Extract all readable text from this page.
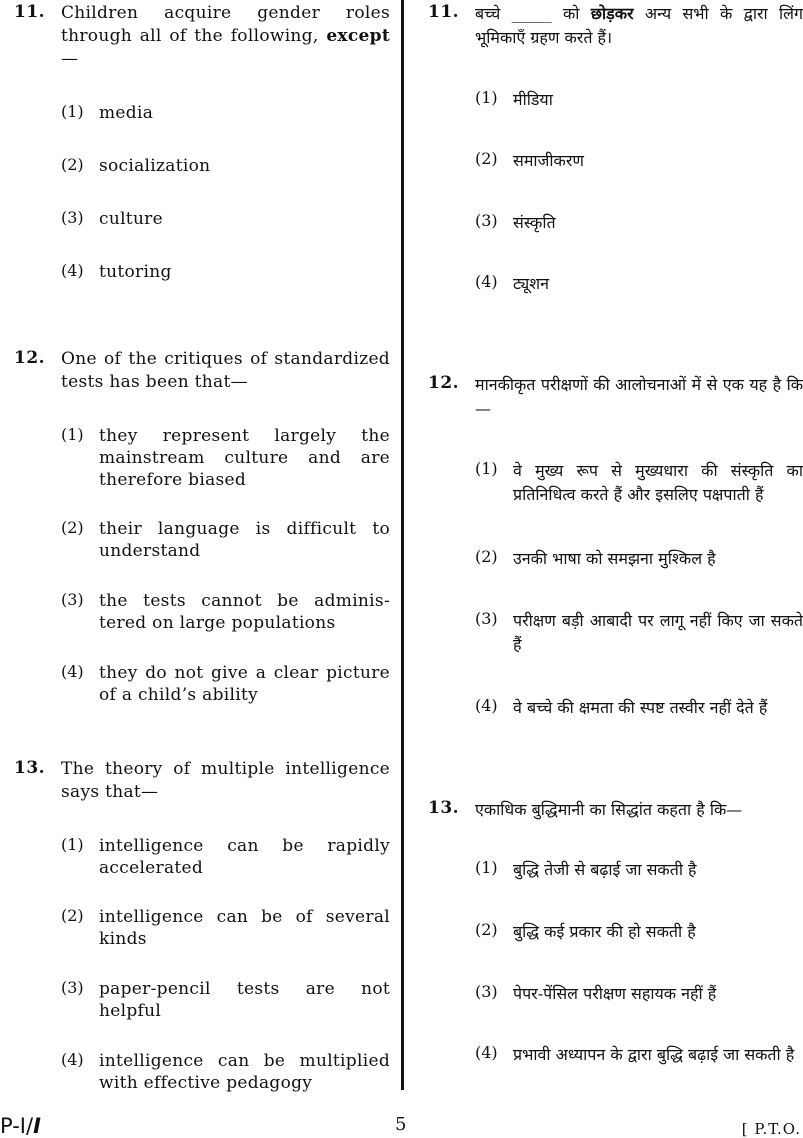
11. Children acquire gender roles through all of the following, except—
(1) media
(2) socialization
(3) culture
(4) tutoring
12. One of the critiques of standardized tests has been that—
(1) they represent largely the mainstream culture and are therefore biased
(2) their language is difficult to understand
(3) the tests cannot be adminis-tered on large populations
(4) they do not give a clear picture of a child’s ability
13. The theory of multiple intelligence says that—
(1) intelligence can be rapidly accelerated
(2) intelligence can be of several kinds
(3) paper-pencil tests are not helpful
(4) intelligence can be multiplied with effective pedagogy
11. बच्चे _____ को छोड़कर अन्य सभी के द्वारा लिंग भूमिकाएँ ग्रहण करते हैं।
(1) मीडिया
(2) समाजीकरण
(3) संस्कृति
(4) ट्यूशन
12. मानकीकृत परीक्षणों की आलोचनाओं में से एक यह है कि—
(1) वे मुख्य रूप से मुख्यधारा की संस्कृति का प्रतिनिधित्व करते हैं और इसलिए पक्षपाती हैं
(2) उनकी भाषा को समझना मुश्किल है
(3) परीक्षण बड़ी आबादी पर लागू नहीं किए जा सकते हैं
(4) वे बच्चे की क्षमता की स्पष्ट तस्वीर नहीं देते हैं
13. एकाधिक बुद्धिमानी का सिद्धांत कहता है कि—
(1) बुद्धि तेजी से बढ़ाई जा सकती है
(2) बुद्धि कई प्रकार की हो सकती है
(3) पेपर-पेंसिल परीक्षण सहायक नहीं हैं
(4) प्रभावी अध्यापन के द्वारा बुद्धि बढ़ाई जा सकती है
P-I/I	5	[ P.T.O.
